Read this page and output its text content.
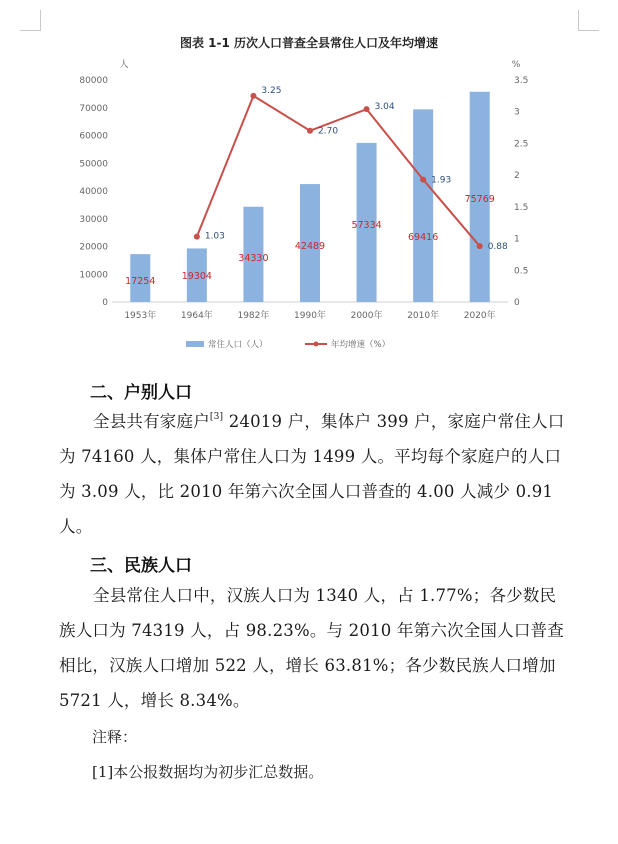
图表 1-1 历次人口普查全县常住人口及年均增速
人	%
0
10000
20000
30000
40000
50000
60000
70000
80000
0
0.5
1
1.5
2
2.5
3
3.5
1953年	1964年	1982年	1990年	2000年	2010年	2020年
17254	19304
34330
42489
57334
69416
75769
1.03
3.25
2.70
3.04
1.93
0.88
常住人口（人）	年均增速（%）
二、户别人口
全县共有家庭户[3] 24019 户，集体户 399 户，家庭户常住人口为 74160 人，集体户常住人口为 1499 人。平均每个家庭户的人口为 3.09 人，比 2010 年第六次全国人口普查的 4.00 人减少 0.91 人。
三、民族人口
全县常住人口中，汉族人口为 1340 人，占 1.77%；各少数民族人口为 74319 人，占 98.23%。与 2010 年第六次全国人口普查相比，汉族人口增加 522 人，增长 63.81%；各少数民族人口增加 5721 人，增长 8.34%。
注释：
[1]本公报数据均为初步汇总数据。
